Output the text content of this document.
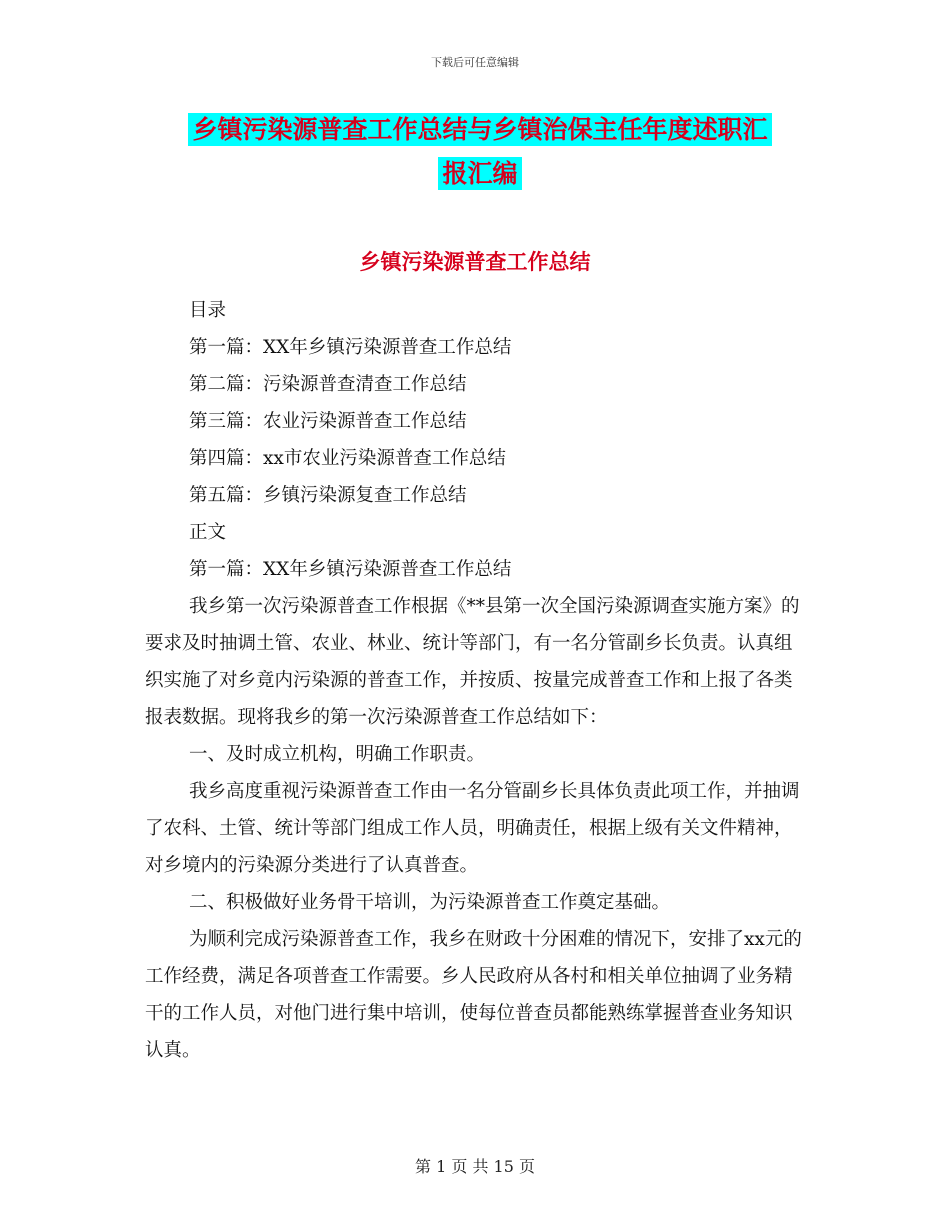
下载后可任意编辑
乡镇污染源普查工作总结与乡镇治保主任年度述职汇
报汇编
乡镇污染源普查工作总结

目录

第一篇：XX年乡镇污染源普查工作总结

第二篇：污染源普查清查工作总结

第三篇：农业污染源普查工作总结

第四篇：xx市农业污染源普查工作总结

第五篇：乡镇污染源复查工作总结

正文

第一篇：XX年乡镇污染源普查工作总结

我乡第一次污染源普查工作根据《**县第一次全国污染源调查实施方案》的要求及时抽调土管、农业、林业、统计等部门，有一名分管副乡长负责。认真组织实施了对乡竟内污染源的普查工作，并按质、按量完成普查工作和上报了各类报表数据。现将我乡的第一次污染源普查工作总结如下：

一、及时成立机构，明确工作职责。

我乡高度重视污染源普查工作由一名分管副乡长具体负责此项工作，并抽调了农科、土管、统计等部门组成工作人员，明确责任，根据上级有关文件精神，对乡境内的污染源分类进行了认真普查。

二、积极做好业务骨干培训，为污染源普查工作奠定基础。

为顺利完成污染源普查工作，我乡在财政十分困难的情况下，安排了xx元的工作经费，满足各项普查工作需要。乡人民政府从各村和相关单位抽调了业务精干的工作人员，对他门进行集中培训，使每位普查员都能熟练掌握普查业务知识认真。

第 1 页 共 15 页
